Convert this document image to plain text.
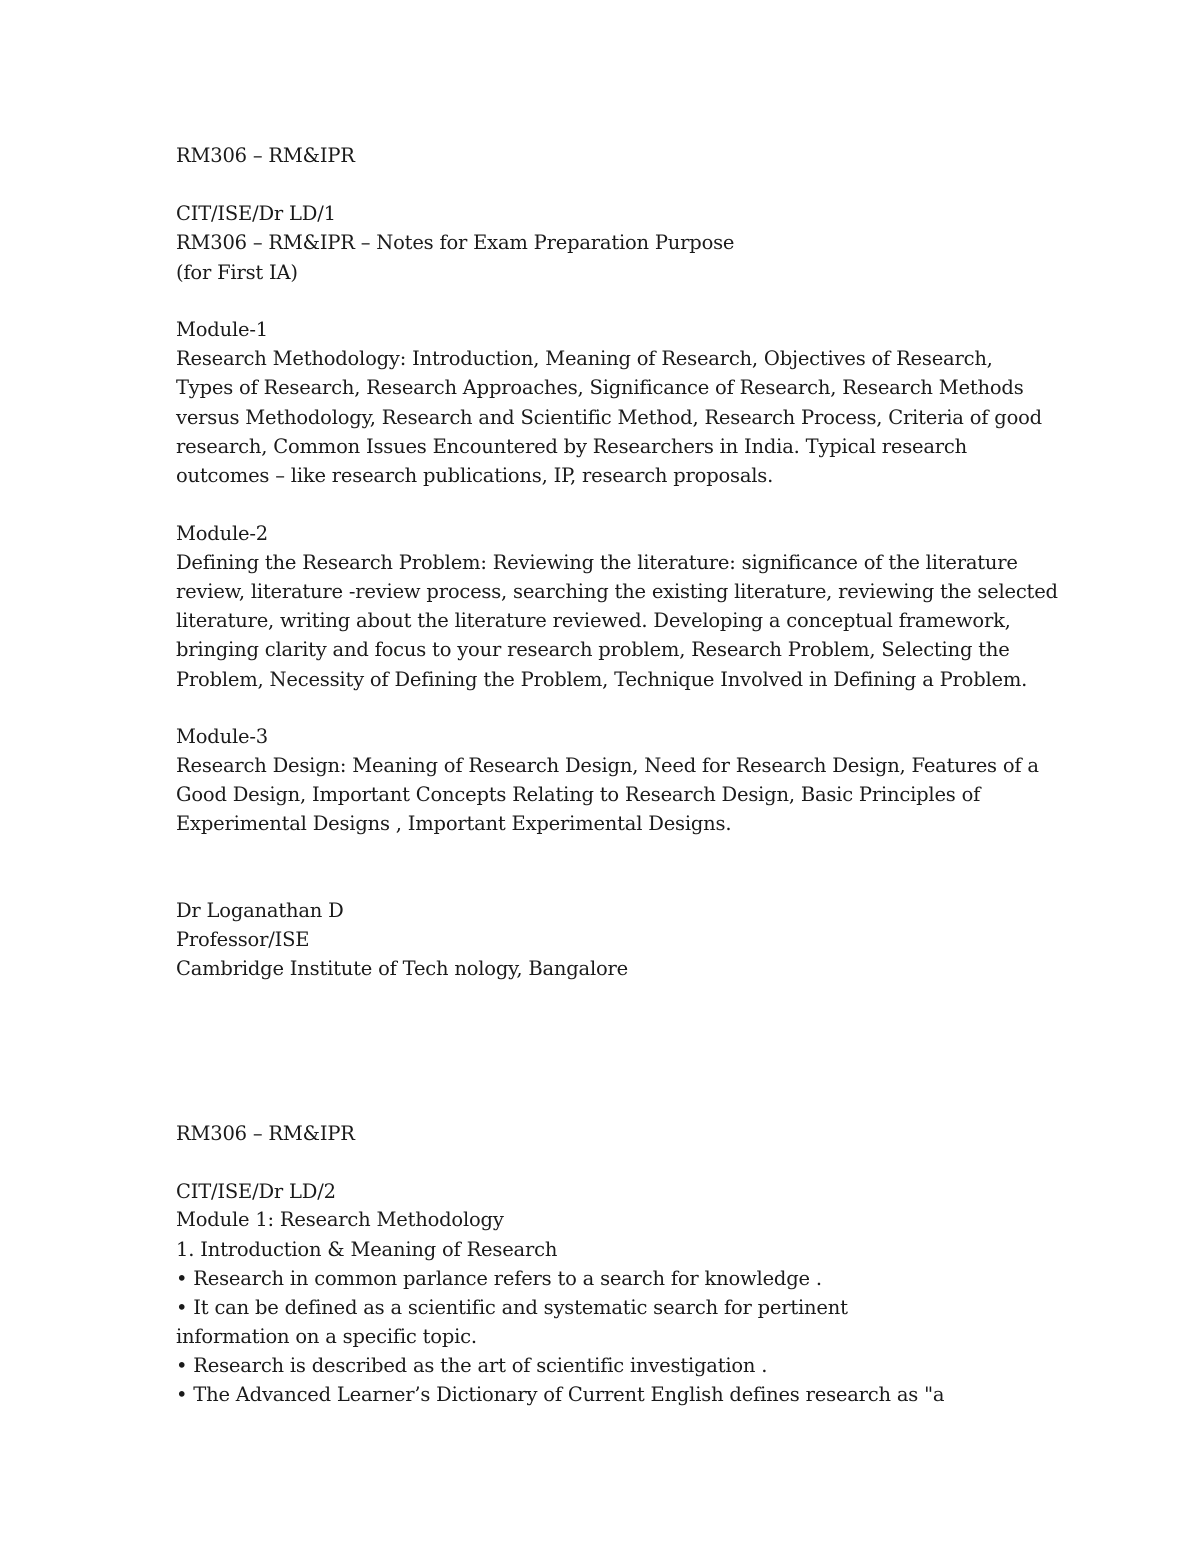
RM306 – RM&IPR
CIT/ISE/Dr LD/1
RM306 – RM&IPR – Notes for Exam Preparation Purpose
(for First IA)
Module-1
Research Methodology: Introduction, Meaning of Research, Objectives of Research,
Types of Research, Research Approaches, Significance of Research, Research Methods
versus Methodology, Research and Scientific Method, Research Process, Criteria of good
research, Common Issues Encountered by Researchers in India. Typical research
outcomes – like research publications, IP, research proposals.
Module-2
Defining the Research Problem: Reviewing the literature: significance of the literature
review, literature -review process, searching the existing literature, reviewing the selected
literature, writing about the literature reviewed. Developing a conceptual framework,
bringing clarity and focus to your research problem, Research Problem, Selecting the
Problem, Necessity of Defining the Problem, Technique Involved in Defining a Problem.
Module-3
Research Design: Meaning of Research Design, Need for Research Design, Features of a
Good Design, Important Concepts Relating to Research Design, Basic Principles of
Experimental Designs , Important Experimental Designs.
Dr Loganathan D
Professor/ISE
Cambridge Institute of Tech nology, Bangalore
RM306 – RM&IPR
CIT/ISE/Dr LD/2
Module 1: Research Methodology
1. Introduction & Meaning of Research
• Research in common parlance refers to a search for knowledge .
• It can be defined as a scientific and systematic search for pertinent
information on a specific topic.
• Research is described as the art of scientific investigation .
• The Advanced Learner’s Dictionary of Current English defines research as "a
